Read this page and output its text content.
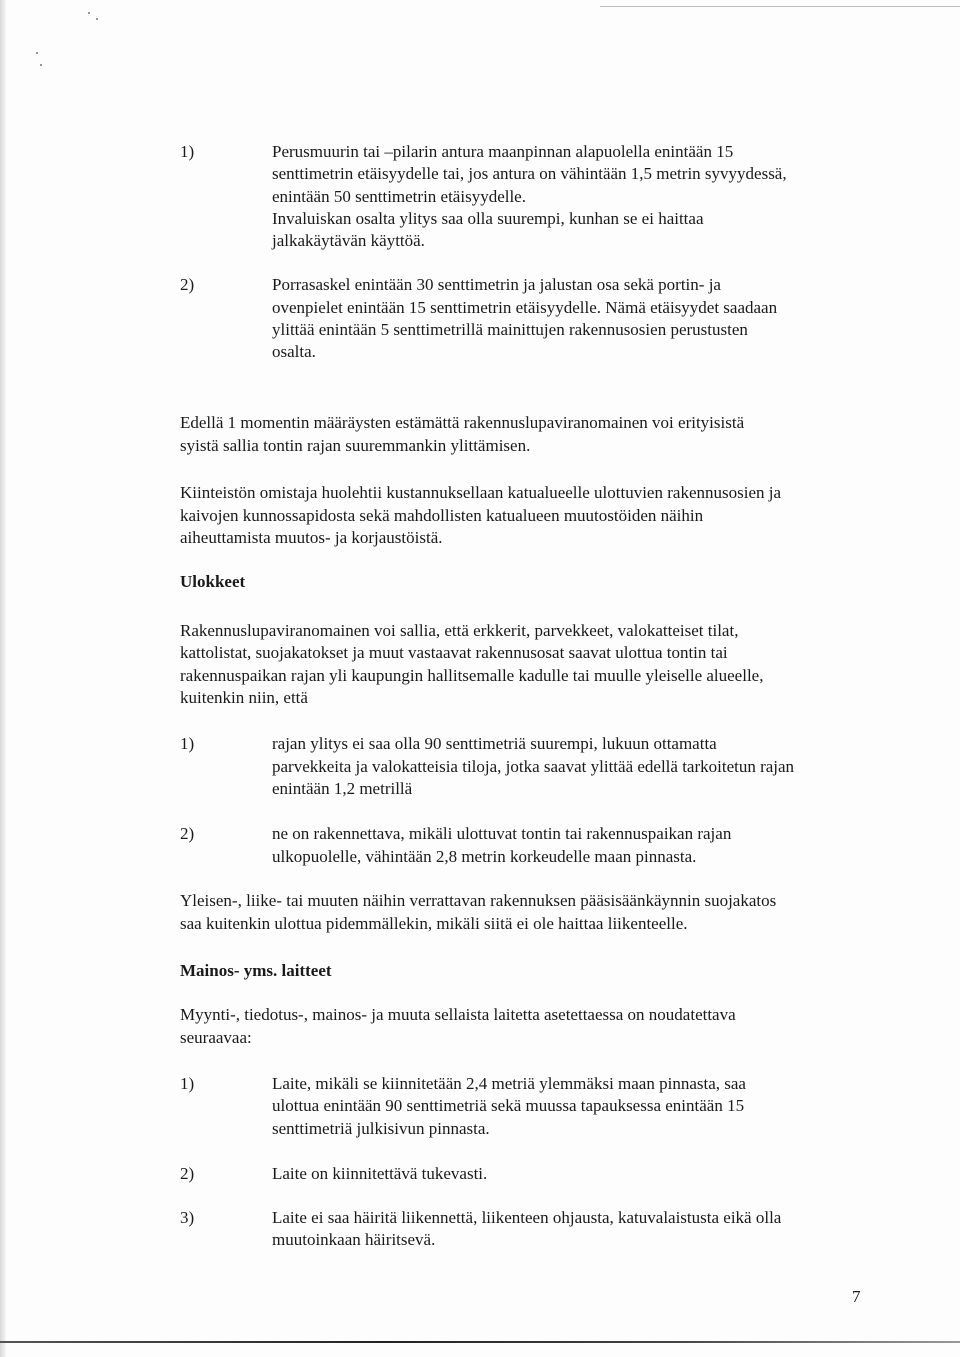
1)	Perusmuurin tai –pilarin antura maanpinnan alapuolella enintään 15
senttimetrin etäisyydelle tai, jos antura on vähintään 1,5 metrin syvyydessä,
enintään 50 senttimetrin etäisyydelle.
Invaluiskan osalta ylitys saa olla suurempi, kunhan se ei haittaa
jalkakäytävän käyttöä.
2)	Porrasaskel enintään 30 senttimetrin ja jalustan osa sekä portin- ja
ovenpielet enintään 15 senttimetrin etäisyydelle. Nämä etäisyydet saadaan
ylittää enintään 5 senttimetrillä mainittujen rakennusosien perustusten
osalta.
Edellä 1 momentin määräysten estämättä rakennuslupaviranomainen voi erityisistä
syistä sallia tontin rajan suuremmankin ylittämisen.
Kiinteistön omistaja huolehtii kustannuksellaan katualueelle ulottuvien rakennusosien ja
kaivojen kunnossapidosta sekä mahdollisten katualueen muutostöiden näihin
aiheuttamista muutos- ja korjaustöistä.
Ulokkeet
Rakennuslupaviranomainen voi sallia, että erkkerit, parvekkeet, valokatteiset tilat,
kattolistat, suojakatokset ja muut vastaavat rakennusosat saavat ulottua tontin tai
rakennuspaikan rajan yli kaupungin hallitsemalle kadulle tai muulle yleiselle alueelle,
kuitenkin niin, että
1)	rajan ylitys ei saa olla 90 senttimetriä suurempi, lukuun ottamatta
parvekkeita ja valokatteisia tiloja, jotka saavat ylittää edellä tarkoitetun rajan
enintään 1,2 metrillä
2)	ne on rakennettava, mikäli ulottuvat tontin tai rakennuspaikan rajan
ulkopuolelle, vähintään 2,8 metrin korkeudelle maan pinnasta.
Yleisen-, liike- tai muuten näihin verrattavan rakennuksen pääsisäänkäynnin suojakatos
saa kuitenkin ulottua pidemmällekin, mikäli siitä ei ole haittaa liikenteelle.
Mainos- yms. laitteet
Myynti-, tiedotus-, mainos- ja muuta sellaista laitetta asetettaessa on noudatettava
seuraavaa:
1)	Laite, mikäli se kiinnitetään 2,4 metriä ylemmäksi maan pinnasta, saa
ulottua enintään 90 senttimetriä sekä muussa tapauksessa enintään 15
senttimetriä julkisivun pinnasta.
2)	Laite on kiinnitettävä tukevasti.
3)	Laite ei saa häiritä liikennettä, liikenteen ohjausta, katuvalaistusta eikä olla
muutoinkaan häiritsevä.
7
